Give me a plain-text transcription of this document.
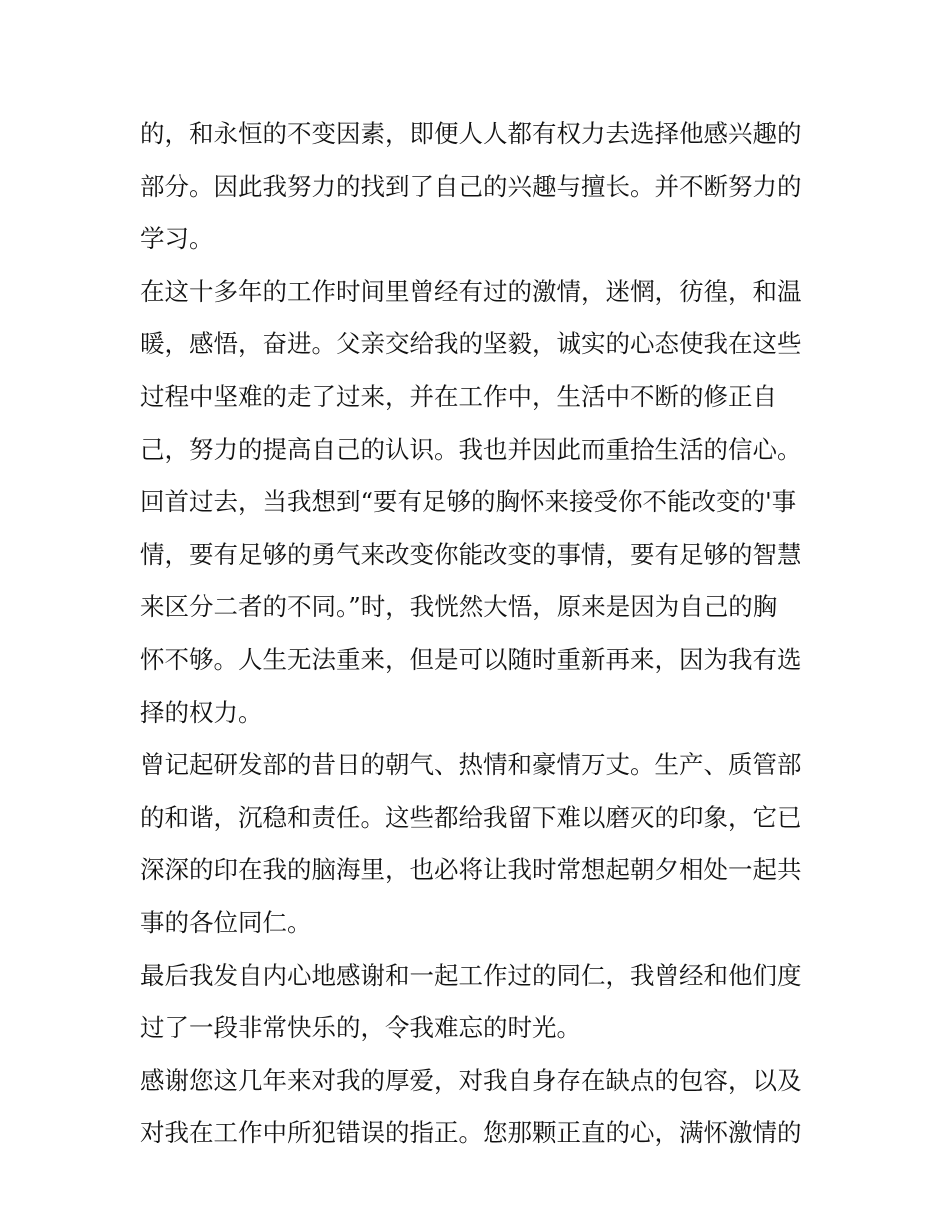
的，和永恒的不变因素，即便人人都有权力去选择他感兴趣的
部分。因此我努力的找到了自己的兴趣与擅长。并不断努力的
学习。
在这十多年的工作时间里曾经有过的激情，迷惘，彷徨，和温
暖，感悟，奋进。父亲交给我的坚毅，诚实的心态使我在这些
过程中坚难的走了过来，并在工作中，生活中不断的修正自
己，努力的提高自己的认识。我也并因此而重拾生活的信心。
回首过去，当我想到“要有足够的胸怀来接受你不能改变的'事
情，要有足够的勇气来改变你能改变的事情，要有足够的智慧
来区分二者的不同。”时，我恍然大悟，原来是因为自己的胸
怀不够。人生无法重来，但是可以随时重新再来，因为我有选
择的权力。
曾记起研发部的昔日的朝气、热情和豪情万丈。生产、质管部
的和谐，沉稳和责任。这些都给我留下难以磨灭的印象，它已
深深的印在我的脑海里，也必将让我时常想起朝夕相处一起共
事的各位同仁。
最后我发自内心地感谢和一起工作过的同仁，我曾经和他们度
过了一段非常快乐的，令我难忘的时光。
感谢您这几年来对我的厚爱，对我自身存在缺点的包容，以及
对我在工作中所犯错误的指正。您那颗正直的心，满怀激情的
